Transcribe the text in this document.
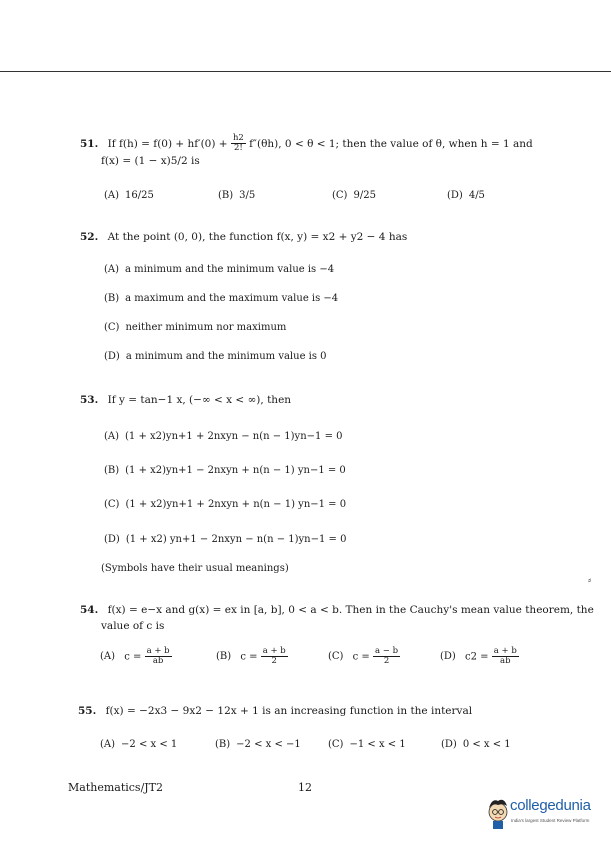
51. If $f(h) = f(0) + hf'(0) + \frac{h2}{2!} f''(\theta h)$, 0 < θ < 1; then the value of θ, when h = 1 and
f(x) = (1 − x)5/2 is
(A) 16/25	(B) 3/5	(C) 9/25	(D) 4/5
52. At the point (0, 0), the function f(x, y) = x2 + y2 − 4 has
(A) a minimum and the minimum value is −4
(B) a maximum and the maximum value is −4
(C) neither minimum nor maximum
(D) a minimum and the minimum value is 0
53. If y = tan−1 x, (−∞ < x < ∞), then
(A) (1 + x2)yn+1 + 2nxyn − n(n − 1)yn−1 = 0
(B) (1 + x2)yn+1 − 2nxyn + n(n − 1) yn−1 = 0
(C) (1 + x2)yn+1 + 2nxyn + n(n − 1) yn−1 = 0
(D) (1 + x2) yn+1 − 2nxyn − n(n − 1)yn−1 = 0
(Symbols have their usual meanings)
⸗
54. f(x) = e−x and g(x) = ex in [a, b], 0 < a < b. Then in the Cauchy's mean value theorem, the
value of c is
(A) $c = \frac{a + b}{ab}$	(B) $c = \frac{a + b}{2}$	(C) $c = \frac{a - b}{2}$	(D) $c2 = \frac{a + b}{ab}$
55. f(x) = −2x3 − 9x2 − 12x + 1 is an increasing function in the interval
(A) −2 < x < 1	(B) −2 < x < −1	(C) −1 < x < 1	(D) 0 < x < 1
Mathematics/JT2	12
collegedunia
India's largest Student Review Platform
